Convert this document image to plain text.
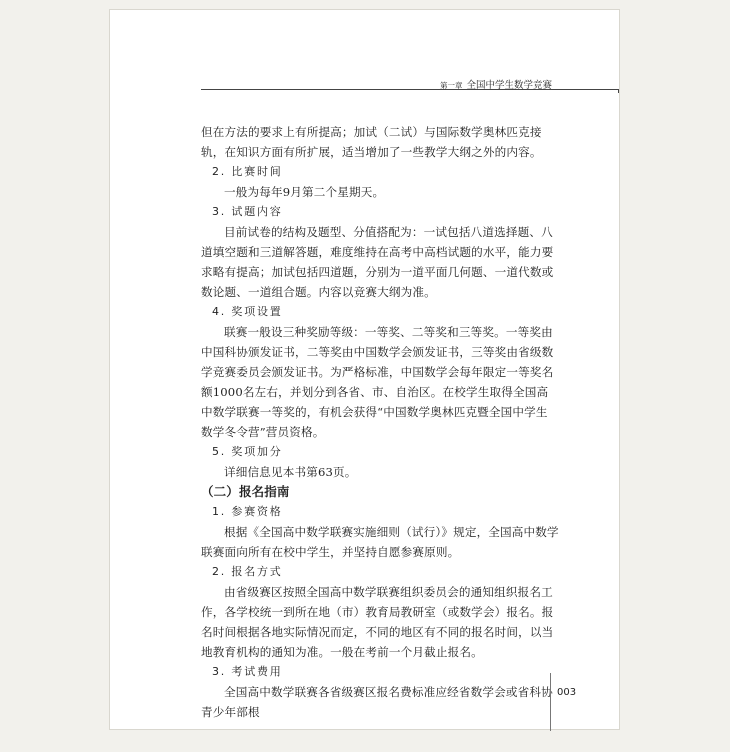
第一章 全国中学生数学竞赛

但在方法的要求上有所提高；加试（二试）与国际数学奥林匹克接轨，在知识方面有所扩展，适当增加了一些教学大纲之外的内容。

2. 比赛时间

一般为每年9月第二个星期天。

3. 试题内容

目前试卷的结构及题型、分值搭配为：一试包括八道选择题、八道填空题和三道解答题，难度维持在高考中高档试题的水平，能力要求略有提高；加试包括四道题，分别为一道平面几何题、一道代数或数论题、一道组合题。内容以竞赛大纲为准。

4. 奖项设置

联赛一般设三种奖励等级：一等奖、二等奖和三等奖。一等奖由中国科协颁发证书，二等奖由中国数学会颁发证书，三等奖由省级数学竞赛委员会颁发证书。为严格标准，中国数学会每年限定一等奖名额1000名左右，并划分到各省、市、自治区。在校学生取得全国高中数学联赛一等奖的，有机会获得“中国数学奥林匹克暨全国中学生数学冬令营”营员资格。

5. 奖项加分

详细信息见本书第63页。

（二）报名指南

1. 参赛资格

根据《全国高中数学联赛实施细则（试行）》规定，全国高中数学联赛面向所有在校中学生，并坚持自愿参赛原则。

2. 报名方式

由省级赛区按照全国高中数学联赛组织委员会的通知组织报名工作，各学校统一到所在地（市）教育局教研室（或数学会）报名。报名时间根据各地实际情况而定，不同的地区有不同的报名时间，以当地教育机构的通知为准。一般在考前一个月截止报名。

3. 考试费用

全国高中数学联赛各省级赛区报名费标准应经省数学会或省科协青少年部根

003
